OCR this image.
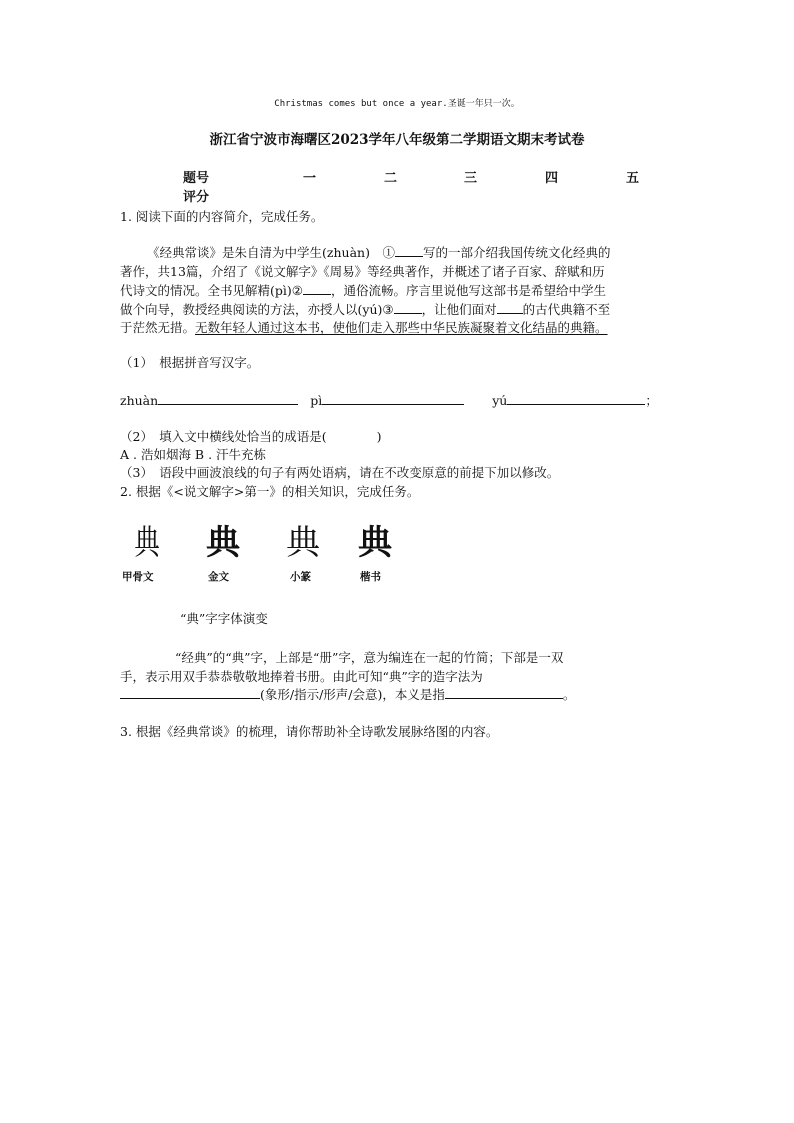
Christmas comes but once a year.圣诞一年只一次。
浙江省宁波市海曙区2023学年八年级第二学期语文期末考试卷
题号	一	二	三	四	五
评分
1. 阅读下面的内容简介，完成任务。
《经典常谈》是朱自清为中学生(zhuàn)　① 写的一部介绍我国传统文化经典的
著作，共13篇，介绍了《说文解字》《周易》等经典著作，并概述了诸子百家、辞赋和历
代诗文的情况。全书见解精(pì)② ，通俗流畅。序言里说他写这部书是希望给中学生
做个向导，教授经典阅读的方法，亦授人以(yú)③ ，让他们面对 的古代典籍不至
于茫然无措。无数年轻人通过这本书，使他们走入那些中华民族凝聚着文化结晶的典籍。
（1）　根据拼音写汉字。
zhuàn	pì	yú	；
（2）　填入文中横线处恰当的成语是(　　　　)
A . 浩如烟海 B . 汗牛充栋
（3）　语段中画波浪线的句子有两处语病，请在不改变原意的前提下加以修改。
2. 根据《<说文解字>第一》的相关知识，完成任务。
典 典 典 典
甲骨文	金文	小篆	楷书
“典”字字体演变
“经典”的“典”字，上部是“册”字，意为编连在一起的竹简；下部是一双
手，表示用双手恭恭敬敬地捧着书册。由此可知“典”字的造字法为
(象形/指示/形声/会意)，本义是指	。
3. 根据《经典常谈》的梳理，请你帮助补全诗歌发展脉络图的内容。
